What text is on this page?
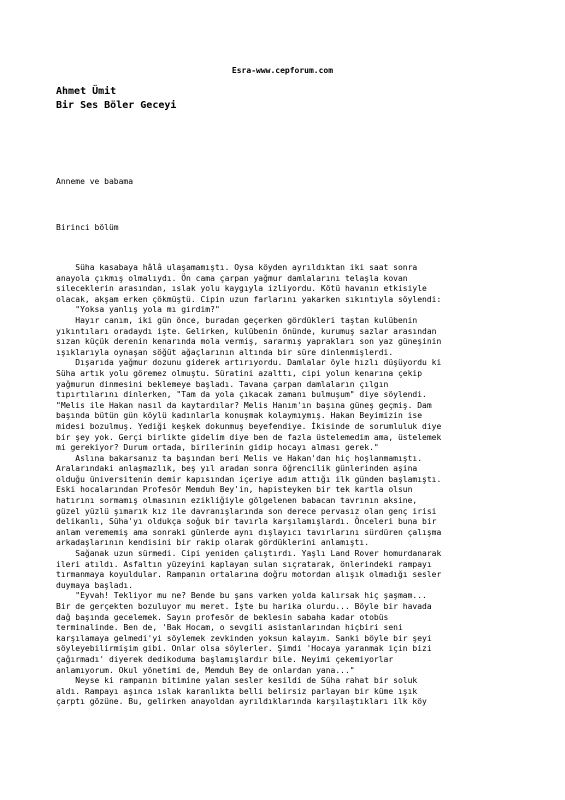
Esra-www.cepforum.com
Ahmet Ümit
Bir Ses Böler Geceyi
Anneme ve babama
Birinci bölüm
Süha kasabaya hâlâ ulaşamamıştı. Oysa köyden ayrıldıktan iki saat sonra
anayola çıkmış olmalıydı. Ön cama çarpan yağmur damlalarını telaşla kovan
sileceklerin arasından, ıslak yolu kaygıyla izliyordu. Kötü havanın etkisiyle
olacak, akşam erken çökmüştü. Cipin uzun farlarını yakarken sıkıntıyla söylendi:
"Yoksa yanlış yola mı girdim?"
Hayır canım, iki gün önce, buradan geçerken gördükleri taştan kulübenin
yıkıntıları oradaydı işte. Gelirken, kulübenin önünde, kurumuş sazlar arasından
sızan küçük derenin kenarında mola vermiş, sararmış yaprakları son yaz güneşinin
ışıklarıyla oynaşan söğüt ağaçlarının altında bir süre dinlenmişlerdi.
Dışarıda yağmur dozunu giderek artırıyordu. Damlalar öyle hızlı düşüyordu ki
Süha artık yolu göremez olmuştu. Süratini azalttı, cipi yolun kenarına çekip
yağmurun dinmesini beklemeye başladı. Tavana çarpan damlaların çılgın
tıpırtılarını dinlerken, "Tam da yola çıkacak zamanı bulmuşum" diye söylendi.
"Melis ile Hakan nasıl da kaytardılar? Melis Hanım'ın başına güneş geçmiş. Dam
başında bütün gün köylü kadınlarla konuşmak kolaymıymış. Hakan Beyimizin ise
midesi bozulmuş. Yediği keşkek dokunmuş beyefendiye. İkisinde de sorumluluk diye
bir şey yok. Gerçi birlikte gidelim diye ben de fazla üstelemedim ama, üstelemek
mi gerekiyor? Durum ortada, birilerinin gidip hocayı alması gerek."
Aslına bakarsanız ta başından beri Melis ve Hakan'dan hiç hoşlanmamıştı.
Aralarındaki anlaşmazlık, beş yıl aradan sonra öğrencilik günlerinden aşina
olduğu üniversitenin demir kapısından içeriye adım attığı ilk günden başlamıştı.
Eski hocalarından Profesör Memduh Bey'in, hapisteyken bir tek kartla olsun
hatırını sormamış olmasının ezikliğiyle gölgelenen babacan tavrının aksine,
güzel yüzlü şımarık kız ile davranışlarında son derece pervasız olan genç irisi
delikanlı, Süha'yı oldukça soğuk bir tavırla karşılamışlardı. Önceleri buna bir
anlam verememiş ama sonraki günlerde aynı dışlayıcı tavırlarını sürdüren çalışma
arkadaşlarının kendisini bir rakip olarak gördüklerini anlamıştı.
Sağanak uzun sürmedi. Cipi yeniden çalıştırdı. Yaşlı Land Rover homurdanarak
ileri atıldı. Asfaltın yüzeyini kaplayan sulan sıçratarak, önlerindeki rampayı
tırmanmaya koyuldular. Rampanın ortalarına doğru motordan alışık olmadığı sesler
duymaya başladı.
"Eyvah! Tekliyor mu ne? Bende bu şans varken yolda kalırsak hiç şaşmam...
Bir de gerçekten bozuluyor mu meret. İşte bu harika olurdu... Böyle bir havada
dağ başında gecelemek. Sayın profesör de beklesin sabaha kadar otobüs
terminalinde. Ben de, 'Bak Hocam, o sevgili asistanlarından hiçbiri seni
karşılamaya gelmedi'yi söylemek zevkinden yoksun kalayım. Sanki böyle bir şeyi
söyleyebilirmişim gibi. Onlar olsa söylerler. Şimdi 'Hocaya yaranmak için bizi
çağırmadı' diyerek dedikoduma başlamışlardır bile. Neyimi çekemiyorlar
anlamıyorum. Okul yönetimi de, Memduh Bey de onlardan yana..."
Neyse ki rampanın bitimine yalan sesler kesildi de Süha rahat bir soluk
aldı. Rampayı aşınca ıslak karanlıkta belli belirsiz parlayan bir küme ışık
çarptı gözüne. Bu, gelirken anayoldan ayrıldıklarında karşılaştıkları ilk köy
